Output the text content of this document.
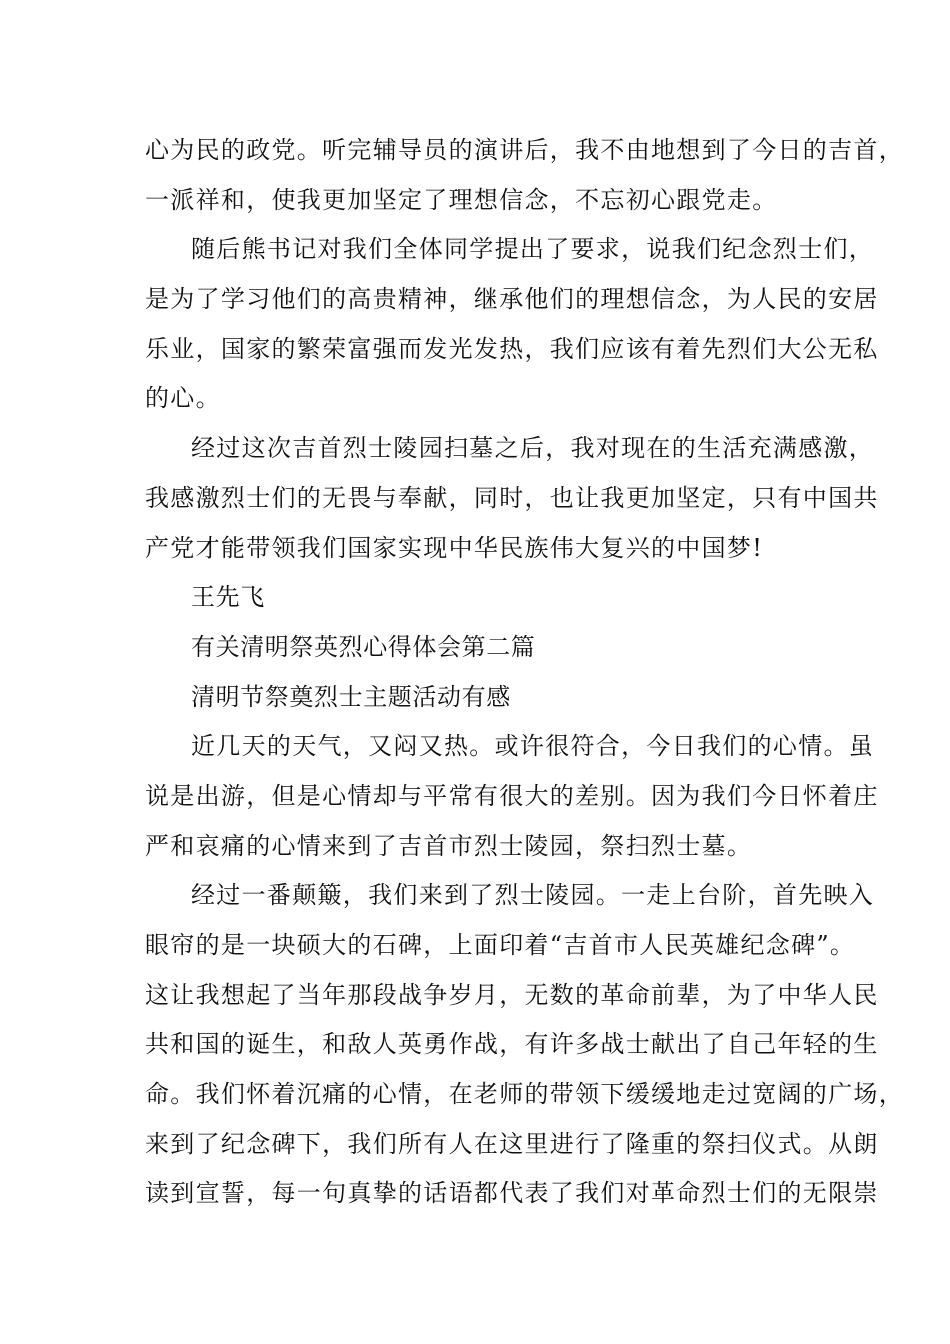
心为民的政党。听完辅导员的演讲后，我不由地想到了今日的吉首，
一派祥和，使我更加坚定了理想信念，不忘初心跟党走。
随后熊书记对我们全体同学提出了要求，说我们纪念烈士们，
是为了学习他们的高贵精神，继承他们的理想信念，为人民的安居
乐业，国家的繁荣富强而发光发热，我们应该有着先烈们大公无私
的心。
经过这次吉首烈士陵园扫墓之后，我对现在的生活充满感激，
我感激烈士们的无畏与奉献，同时，也让我更加坚定，只有中国共
产党才能带领我们国家实现中华民族伟大复兴的中国梦!
王先飞
有关清明祭英烈心得体会第二篇
清明节祭奠烈士主题活动有感
近几天的天气，又闷又热。或许很符合，今日我们的心情。虽
说是出游，但是心情却与平常有很大的差别。因为我们今日怀着庄
严和哀痛的心情来到了吉首市烈士陵园，祭扫烈士墓。
经过一番颠簸，我们来到了烈士陵园。一走上台阶，首先映入
眼帘的是一块硕大的石碑，上面印着“吉首市人民英雄纪念碑”。
这让我想起了当年那段战争岁月，无数的革命前辈，为了中华人民
共和国的诞生，和敌人英勇作战，有许多战士献出了自己年轻的生
命。我们怀着沉痛的心情，在老师的带领下缓缓地走过宽阔的广场，
来到了纪念碑下，我们所有人在这里进行了隆重的祭扫仪式。从朗
读到宣誓，每一句真挚的话语都代表了我们对革命烈士们的无限崇
